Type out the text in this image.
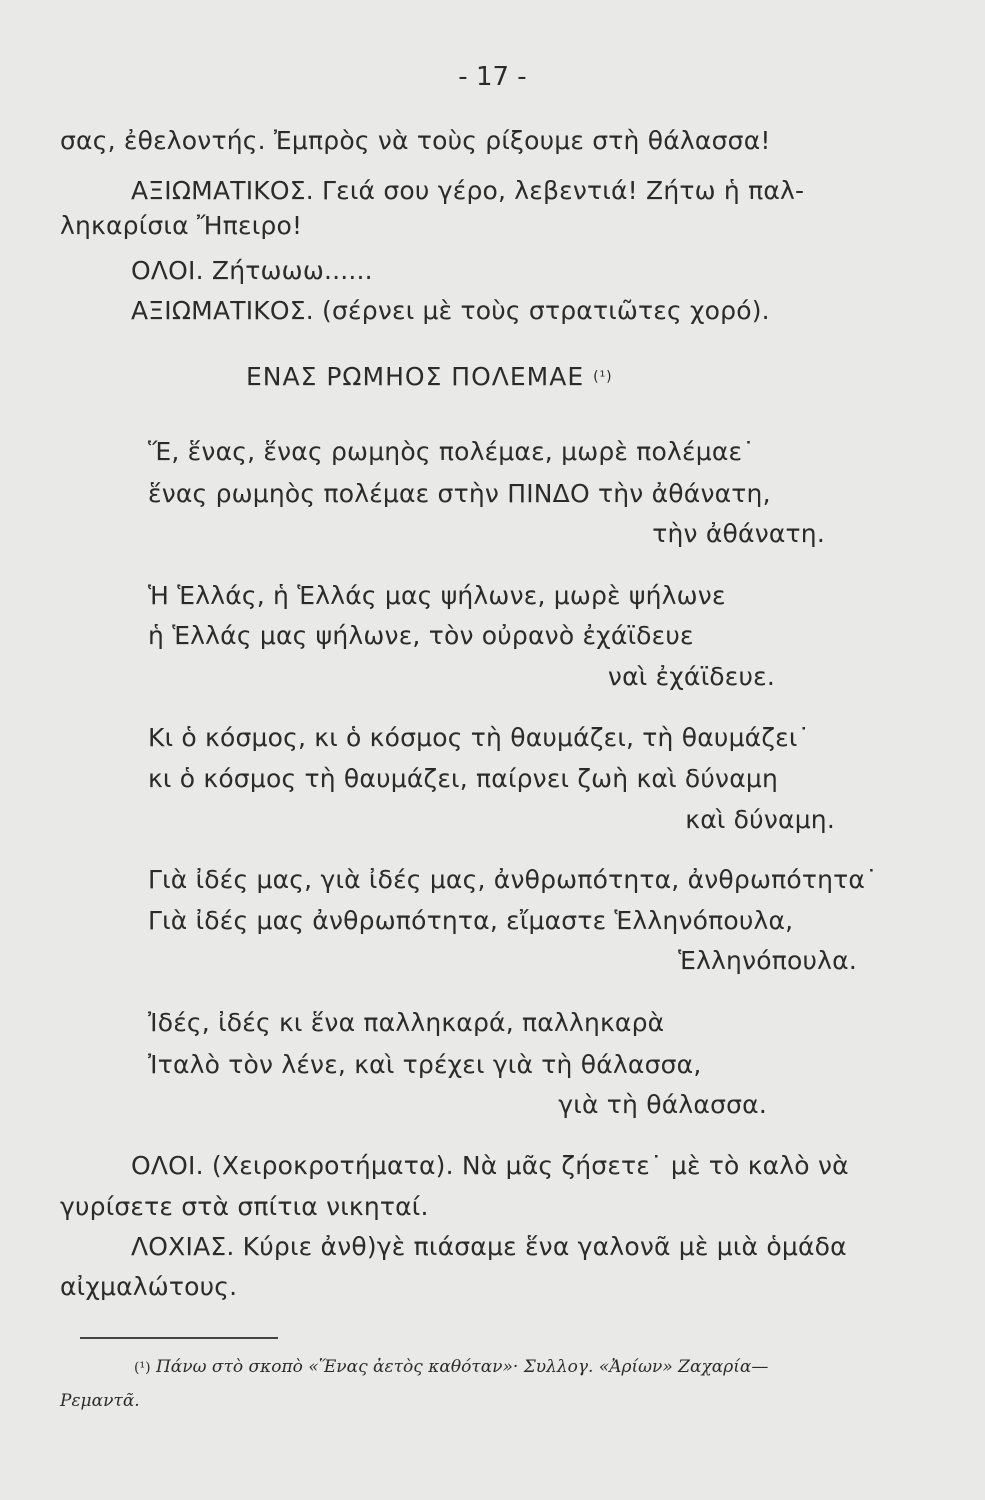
- 17 -
σας, ἐθελοντής. Ἐμπρὸς νὰ τοὺς ρίξουμε στὴ θάλασσα!
ΑΞΙΩΜΑΤΙΚΟΣ. Γειά σου γέρο, λεβεντιά! Ζήτω ἡ παλ-
ληκαρίσια Ἤπειρο!
ΟΛΟΙ. Ζήτωωω......
ΑΞΙΩΜΑΤΙΚΟΣ. (σέρνει μὲ τοὺς στρατιῶτες χορό).
ΕΝΑΣ ΡΩΜΗΟΣ ΠΟΛΕΜΑΕ $^{(^1)}$
Ἕ, ἕνας, ἕνας ρωμηὸς πολέμαε, μωρὲ πολέμαε˙
ἕνας ρωμηὸς πολέμαε στὴν ΠΙΝΔΟ τὴν ἀθάνατη,
τὴν ἀθάνατη.
Ἡ Ἑλλάς, ἡ Ἑλλάς μας ψήλωνε, μωρὲ ψήλωνε
ἡ Ἑλλάς μας ψήλωνε, τὸν οὐρανὸ ἐχάϊδευε
ναὶ ἐχάϊδευε.
Κι ὁ κόσμος, κι ὁ κόσμος τὴ θαυμάζει, τὴ θαυμάζει˙
κι ὁ κόσμος τὴ θαυμάζει, παίρνει ζωὴ καὶ δύναμη
καὶ δύναμη.
Γιὰ ἰδές μας, γιὰ ἰδές μας, ἀνθρωπότητα, ἀνθρωπότητα˙
Γιὰ ἰδές μας ἀνθρωπότητα, εἴμαστε Ἑλληνόπουλα,
Ἑλληνόπουλα.
Ἰδές, ἰδές κι ἕνα παλληκαρά, παλληκαρὰ
Ἰταλὸ τὸν λένε, καὶ τρέχει γιὰ τὴ θάλασσα,
γιὰ τὴ θάλασσα.
ΟΛΟΙ. (Χειροκροτήματα). Νὰ μᾶς ζήσετε˙ μὲ τὸ καλὸ νὰ
γυρίσετε στὰ σπίτια νικηταί.
ΛΟΧΙΑΣ. Κύριε ἀνθ)γὲ πιάσαμε ἕνα γαλονᾶ μὲ μιὰ ὁμάδα
αἰχμαλώτους.
(¹) Πάνω στὸ σκοπὸ «Ἕνας ἀετὸς καθόταν»· Συλλογ. «Ἀρίων» Ζαχαρία—
Ρεμαντᾶ.
